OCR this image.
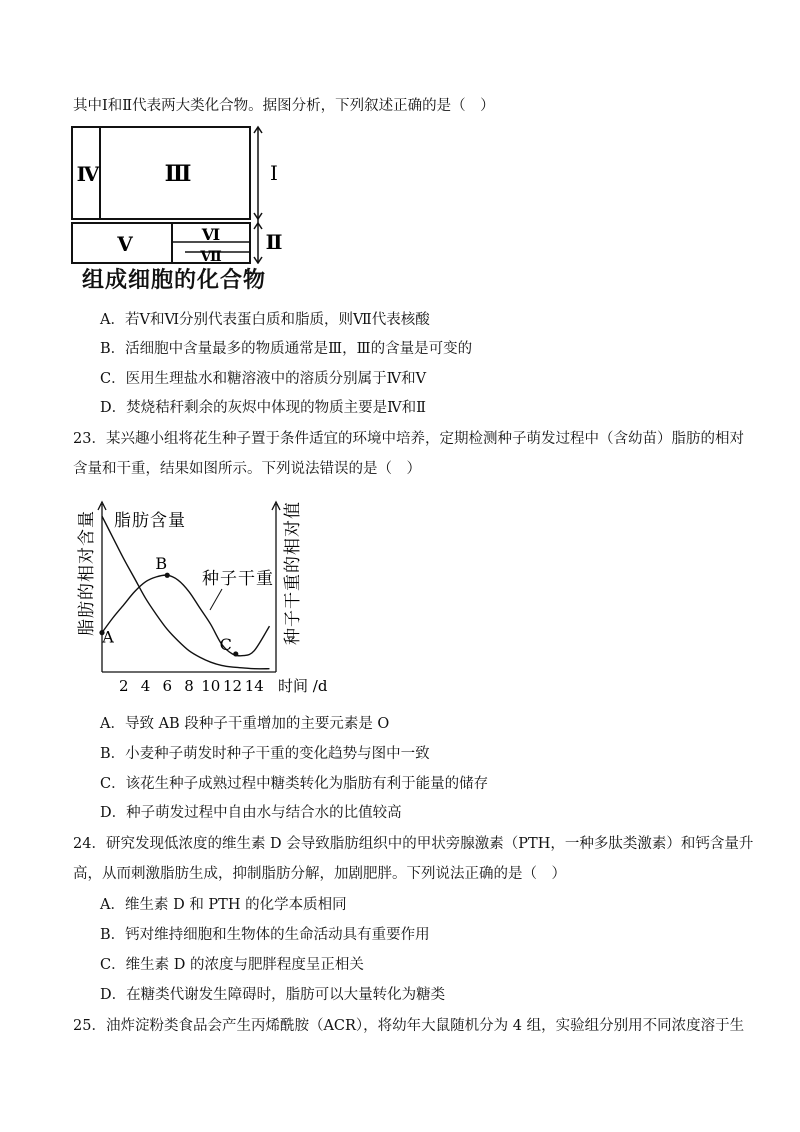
其中Ⅰ和Ⅱ代表两大类化合物。据图分析，下列叙述正确的是（　）
Ⅳ	Ⅲ
Ⅴ	Ⅵ
Ⅶ
Ⅰ
Ⅱ
组成细胞的化合物
A．若Ⅴ和Ⅵ分别代表蛋白质和脂质，则Ⅶ代表核酸
B．活细胞中含量最多的物质通常是Ⅲ，Ⅲ的含量是可变的
C．医用生理盐水和糖溶液中的溶质分别属于Ⅳ和Ⅴ
D．焚烧秸秆剩余的灰烬中体现的物质主要是Ⅳ和Ⅱ
23．某兴趣小组将花生种子置于条件适宜的环境中培养，定期检测种子萌发过程中（含幼苗）脂肪的相对
含量和干重，结果如图所示。下列说法错误的是（　）
脂肪的相对含量	种子干重的相对值
时间 /d
2 4 6 8 10 12 14
A
B
C
脂肪含量
种子干重
A．导致 AB 段种子干重增加的主要元素是 O
B．小麦种子萌发时种子干重的变化趋势与图中一致
C．该花生种子成熟过程中糖类转化为脂肪有利于能量的储存
D．种子萌发过程中自由水与结合水的比值较高
24．研究发现低浓度的维生素 D 会导致脂肪组织中的甲状旁腺激素（PTH，一种多肽类激素）和钙含量升
高，从而刺激脂肪生成，抑制脂肪分解，加剧肥胖。下列说法正确的是（　）
A．维生素 D 和 PTH 的化学本质相同
B．钙对维持细胞和生物体的生命活动具有重要作用
C．维生素 D 的浓度与肥胖程度呈正相关
D．在糖类代谢发生障碍时，脂肪可以大量转化为糖类
25．油炸淀粉类食品会产生丙烯酰胺（ACR），将幼年大鼠随机分为 4 组，实验组分别用不同浓度溶于生
